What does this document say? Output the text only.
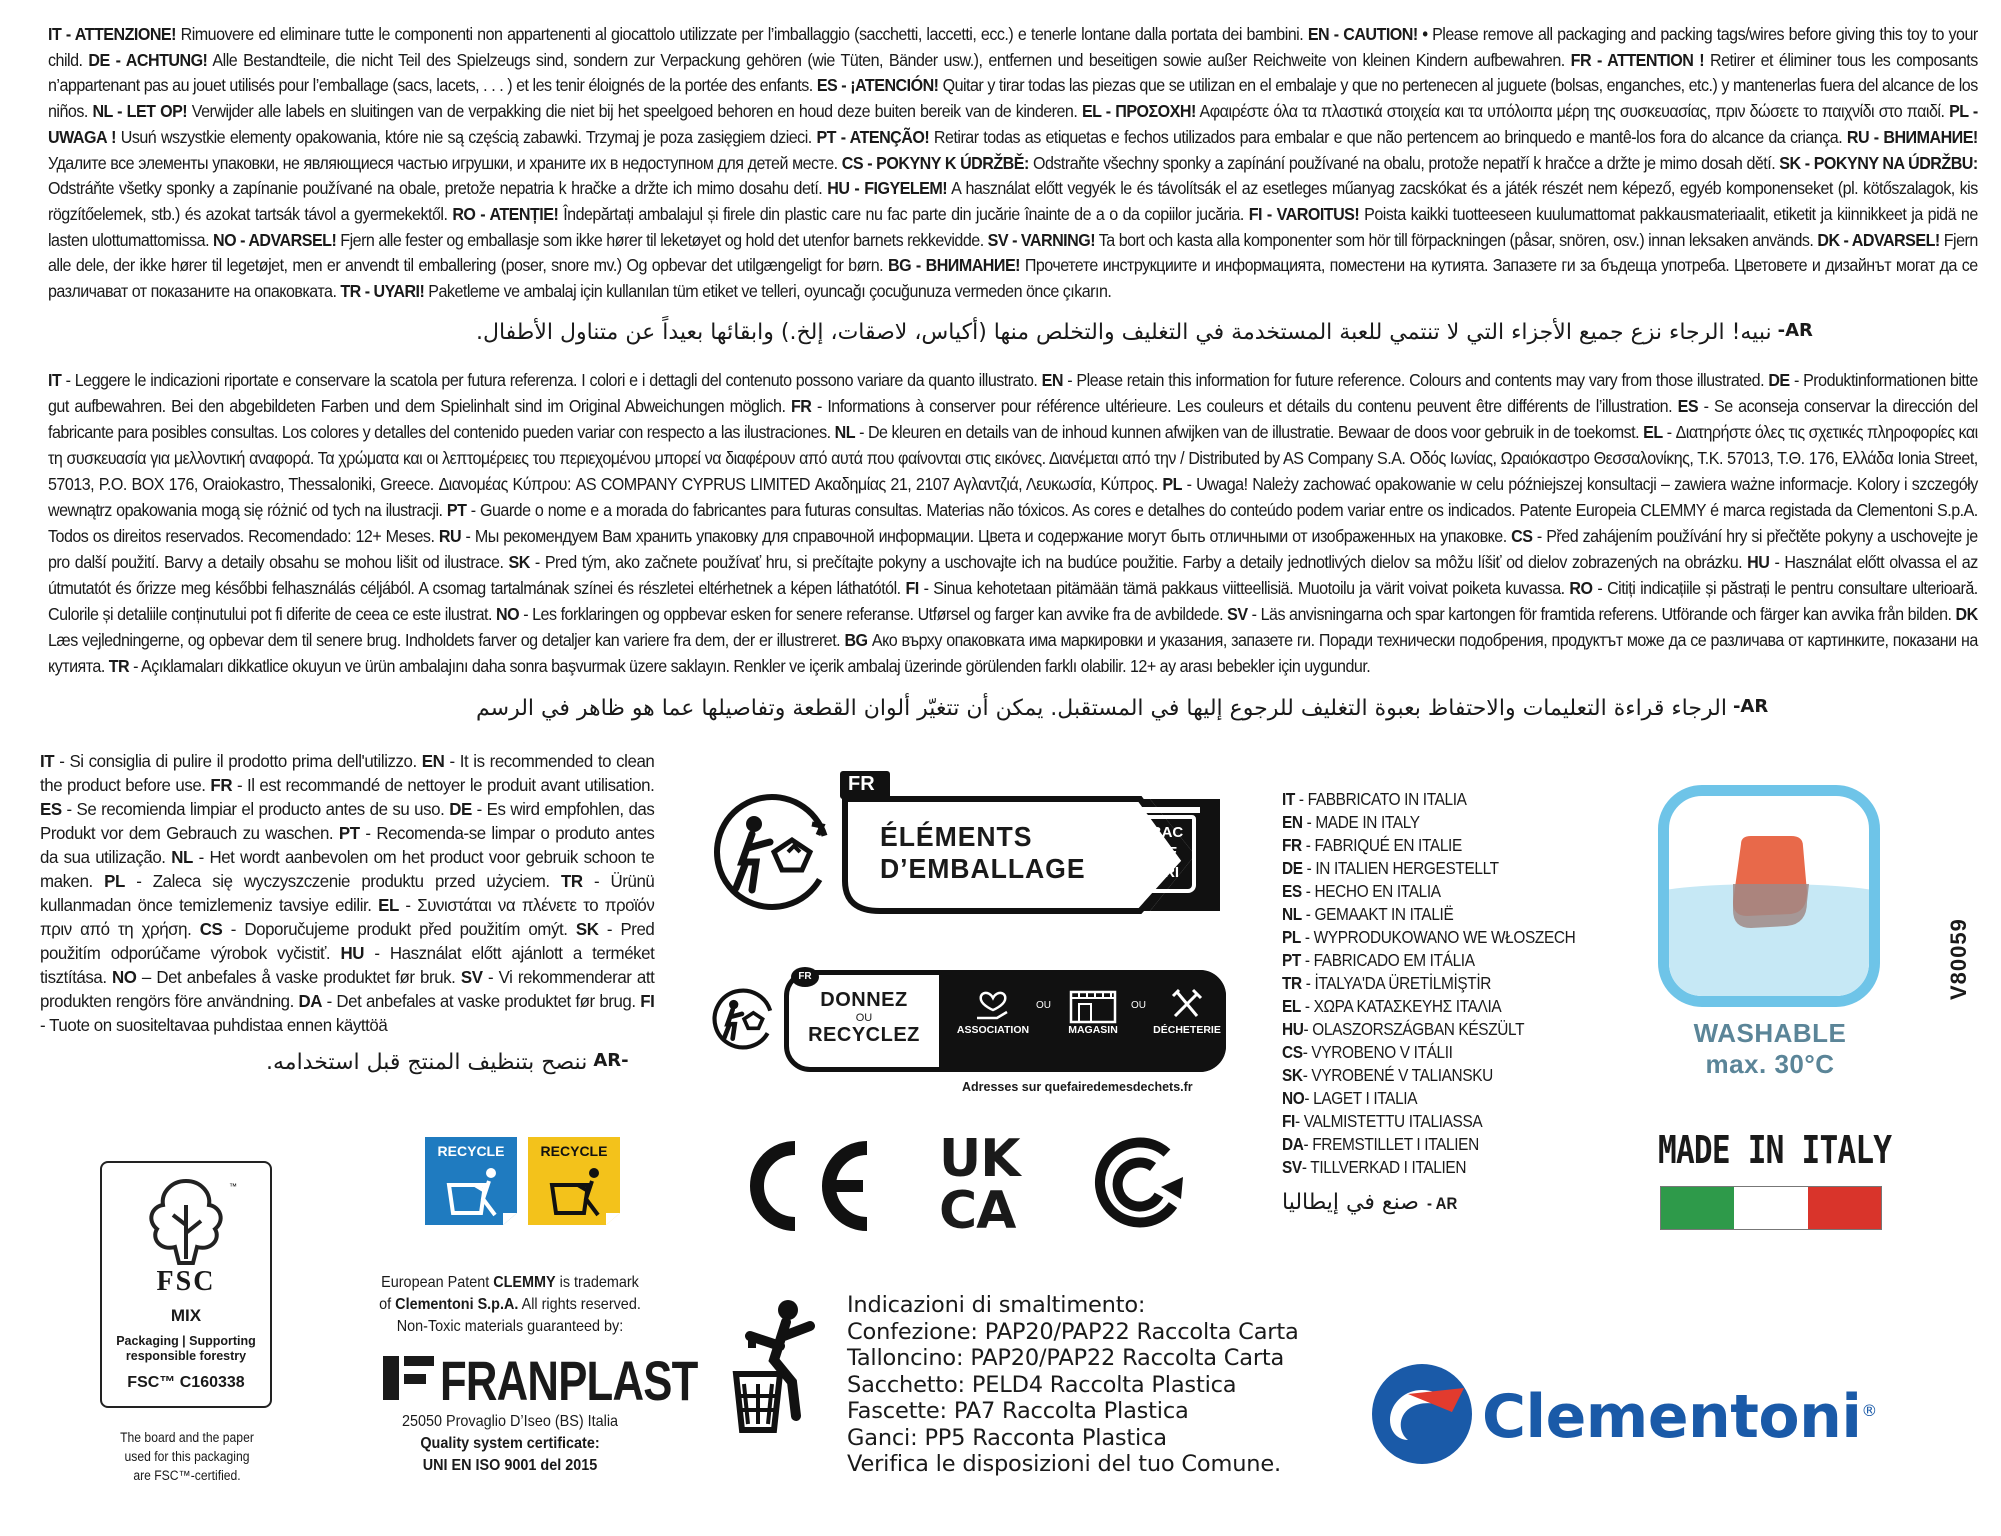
IT - ATTENZIONE! Rimuovere ed eliminare tutte le componenti non appartenenti al giocattolo utilizzate per l’imballaggio (sacchetti, laccetti, ecc.) e tenerle lontane dalla portata dei bambini. EN - CAUTION! • Please remove all packaging and packing tags/wires before giving this toy to your child. DE - ACHTUNG! Alle Bestandteile, die nicht Teil des Spielzeugs sind, sondern zur Verpackung gehören (wie Tüten, Bänder usw.), entfernen und beseitigen sowie außer Reichweite von kleinen Kindern aufbewahren. FR - ATTENTION ! Retirer et éliminer tous les composants n’appartenant pas au jouet utilisés pour l’emballage (sacs, lacets, . . . ) et les tenir éloignés de la portée des enfants. ES - ¡ATENCIÓN! Quitar y tirar todas las piezas que se utilizan en el embalaje y que no pertenecen al juguete (bolsas, enganches, etc.) y mantenerlas fuera del alcance de los niños. NL - LET OP! Verwijder alle labels en sluitingen van de verpakking die niet bij het speelgoed behoren en houd deze buiten bereik van de kinderen. EL - ΠΡΟΣΟΧΗ! Αφαιρέστε όλα τα πλαστικά στοιχεία και τα υπόλοιπα μέρη της συσκευασίας, πριν δώσετε το παιχνίδι στο παιδί. PL - UWAGA ! Usuń wszystkie elementy opakowania, które nie są częścią zabawki. Trzymaj je poza zasięgiem dzieci. PT - ATENÇÃO! Retirar todas as etiquetas e fechos utilizados para embalar e que não pertencem ao brinquedo e mantê-los fora do alcance da criança. RU - ВНИМАНИЕ! Удалите все элементы упаковки, не являющиеся частью игрушки, и храните их в недоступном для детей месте. CS - POKYNY K ÚDRŽBĚ: Odstraňte všechny sponky a zapínání používané na obalu, protože nepatří k hračce a držte je mimo dosah dětí. SK - POKYNY NA ÚDRŽBU: Odstráňte všetky sponky a zapínanie používané na obale, pretože nepatria k hračke a držte ich mimo dosahu detí. HU - FIGYELEM! A használat előtt vegyék le és távolítsák el az esetleges műanyag zacskókat és a játék részét nem képező, egyéb komponenseket (pl. kötőszalagok, kis rögzítőelemek, stb.) és azokat tartsák távol a gyermekektől. RO - ATENȚIE! Îndepărtați ambalajul și firele din plastic care nu fac parte din jucărie înainte de a o da copiilor jucăria. FI - VAROITUS! Poista kaikki tuotteeseen kuulumattomat pakkausmateriaalit, etiketit ja kiinnikkeet ja pidä ne lasten ulottumattomissa. NO - ADVARSEL! Fjern alle fester og emballasje som ikke hører til leketøyet og hold det utenfor barnets rekkevidde. SV - VARNING! Ta bort och kasta alla komponenter som hör till förpackningen (påsar, snören, osv.) innan leksaken används. DK - ADVARSEL! Fjern alle dele, der ikke hører til legetøjet, men er anvendt til emballering (poser, snore mv.) Og opbevar det utilgængeligt for børn. BG - ВНИМАНИЕ! Прочетете инструкциите и информацията, поместени на кутията. Запазете ги за бъдеща употреба. Цветовете и дизайнът могат да се различават от показаните на опаковката. TR - UYARI! Paketleme ve ambalaj için kullanılan tüm etiket ve telleri, oyuncağı çocuğunuza vermeden önce çıkarın.
AR-
نبيه! الرجاء نزع جميع الأجزاء التي لا تنتمي للعبة المستخدمة في التغليف والتخلص منها (أكياس، لاصقات، إلخ.) وابقائها بعيداً عن متناول الأطفال.
IT - Leggere le indicazioni riportate e conservare la scatola per futura referenza. I colori e i dettagli del contenuto possono variare da quanto illustrato. EN - Please retain this information for future reference. Colours and contents may vary from those illustrated. DE - Produktinformationen bitte gut aufbewahren. Bei den abgebildeten Farben und dem Spielinhalt sind im Original Abweichungen möglich. FR - Informations à conserver pour référence ultérieure. Les couleurs et détails du contenu peuvent être différents de l’illustration. ES - Se aconseja conservar la dirección del fabricante para posibles consultas. Los colores y detalles del contenido pueden variar con respecto a las ilustraciones. NL - De kleuren en details van de inhoud kunnen afwijken van de illustratie. Bewaar de doos voor gebruik in de toekomst. EL - Διατηρήστε όλες τις σχετικές πληροφορίες και τη συσκευασία για μελλοντική αναφορά. Τα χρώματα και οι λεπτομέρειες του περιεχομένου μπορεί να διαφέρουν από αυτά που φαίνονται στις εικόνες. Διανέμεται από την / Distributed by AS Company S.A. Οδός Ιωνίας, Ωραιόκαστρο Θεσσαλονίκης, Τ.Κ. 57013, Τ.Θ. 176, Ελλάδα Ionia Street, 57013, P.O. BOX 176, Oraiokastro, Thessaloniki, Greece. Διανομέας Κύπρου: AS COMPANY CYPRUS LIMITED Ακαδημίας 21, 2107 Αγλαντζιά, Λευκωσία, Κύπρος. PL - Uwaga! Należy zachować opakowanie w celu późniejszej konsultacji – zawiera ważne informacje. Kolory i szczegóły wewnątrz opakowania mogą się różnić od tych na ilustracji. PT - Guarde o nome e a morada do fabricantes para futuras consultas. Materias não tóxicos. As cores e detalhes do conteúdo podem variar entre os indicados. Patente Europeia CLEMMY é marca registada da Clementoni S.p.A. Todos os direitos reservados. Recomendado: 12+ Meses. RU - Мы рекомендуем Вам хранить упаковку для справочной информации. Цвета и содержание могут быть отличными от изображенных на упаковке. CS - Před zahájením používání hry si přečtěte pokyny a uschovejte je pro další použití. Barvy a detaily obsahu se mohou lišit od ilustrace. SK - Pred tým, ako začnete používať hru, si prečítajte pokyny a uschovajte ich na budúce použitie. Farby a detaily jednotlivých dielov sa môžu líšiť od dielov zobrazených na obrázku. HU - Használat előtt olvassa el az útmutatót és őrizze meg későbbi felhasználás céljából. A csomag tartalmának színei és részletei eltérhetnek a képen láthatótól. FI - Sinua kehotetaan pitämään tämä pakkaus viitteellisiä. Muotoilu ja värit voivat poiketa kuvassa. RO - Citiți indicațiile și păstrați le pentru consultare ulterioară. Culorile și detaliile conținutului pot fi diferite de ceea ce este ilustrat. NO - Les forklaringen og oppbevar esken for senere referanse. Utførsel og farger kan avvike fra de avbildede. SV - Läs anvisningarna och spar kartongen för framtida referens. Utförande och färger kan avvika från bilden. DK Læs vejledningerne, og opbevar dem til senere brug. Indholdets farver og detaljer kan variere fra dem, der er illustreret. BG Ако върху опаковката има маркировки и указания, запазете ги. Поради технически подобрения, продуктът може да се различава от картинките, показани на кутията. TR - Açıklamaları dikkatlice okuyun ve ürün ambalajını daha sonra başvurmak üzere saklayın. Renkler ve içerik ambalaj üzerinde görülenden farklı olabilir. 12+ ay arası bebekler için uygundur.
AR-
الرجاء قراءة التعليمات والاحتفاظ بعبوة التغليف للرجوع إليها في المستقبل. يمكن أن تتغيّر ألوان القطعة وتفاصيلها عما هو ظاهر في الرسم
IT - Si consiglia di pulire il prodotto prima dell'utilizzo. EN - It is recommended to clean the product before use. FR - Il est recommandé de nettoyer le produit avant utilisation. ES - Se recomienda limpiar el producto antes de su uso. DE - Es wird empfohlen, das Produkt vor dem Gebrauch zu waschen. PT - Recomenda-se limpar o produto antes da sua utilização. NL - Het wordt aanbevolen om het product voor gebruik schoon te maken. PL - Zaleca się wyczyszczenie produktu przed użyciem. TR - Ürünü kullanmadan önce temizlemeniz tavsiye edilir. EL - Συνιστάται να πλένετε το προϊόν πριν από τη χρήση. CS - Doporučujeme produkt před použitím omýt. SK - Pred použitím odporúčame výrobok vyčistiť. HU - Használat előtt ajánlott a terméket tisztítása. NO – Det anbefales å vaske produktet før bruk. SV - Vi rekommenderar att produkten rengörs före användning. DA - Det anbefales at vaske produktet før brug. FI - Tuote on suositeltavaa puhdistaa ennen käyttöä
ننصح بتنظيف المنتج قبل استخدامه. AR-
FR
ÉLÉMENTS
D’EMBALLAGE
BAC
DE
TRI
FR
DONNEZ
OU
RECYCLEZ	ASSOCIATION
OU
MAGASIN
OU
DÉCHETERIE
Adresses sur quefairedemesdechets.fr
IT - FABBRICATO IN ITALIA
EN - MADE IN ITALY
FR - FABRIQUÉ EN ITALIE
DE - IN ITALIEN HERGESTELLT
ES - HECHO EN ITALIA
NL - GEMAAKT IN ITALIË
PL - WYPRODUKOWANO WE WŁOSZECH
PT - FABRICADO EM ITÁLIA
TR - İTALYA'DA ÜRETİLMİŞTİR
EL - ΧΩΡΑ ΚΑΤΑΣΚΕΥΗΣ ΙΤΑΛΙΑ
HU- OLASZORSZÁGBAN KÉSZÜLT
CS- VYROBENO V ITÁLII
SK- VYROBENÉ V TALIANSKU
NO- LAGET I ITALIA
FI- VALMISTETTU ITALIASSA
DA- FREMSTILLET I ITALIEN
SV- TILLVERKAD I ITALIEN
صنع في إيطاليا - AR
WASHABLE
max. 30°C
V80059
MADE IN ITALY
™
FSC
MIX
Packaging | Supporting responsible forestry
FSC™ C160338
The board and the paper
used for this packaging
are FSC™-certified.
RECYCLE	RECYCLE
European Patent CLEMMY is trademark
of Clementoni S.p.A. All rights reserved.
Non-Toxic materials guaranteed by:
FRANPLAST
25050 Provaglio D’Iseo (BS) Italia
Quality system certificate:
UNI EN ISO 9001 del 2015
UK
CA
Indicazioni di smaltimento:
Confezione: PAP20/PAP22 Raccolta Carta
Talloncino: PAP20/PAP22 Raccolta Carta
Sacchetto: PELD4 Raccolta Plastica
Fascette: PA7 Raccolta Plastica
Ganci: PP5 Racconta Plastica
Verifica le disposizioni del tuo Comune.
Clementoni®
